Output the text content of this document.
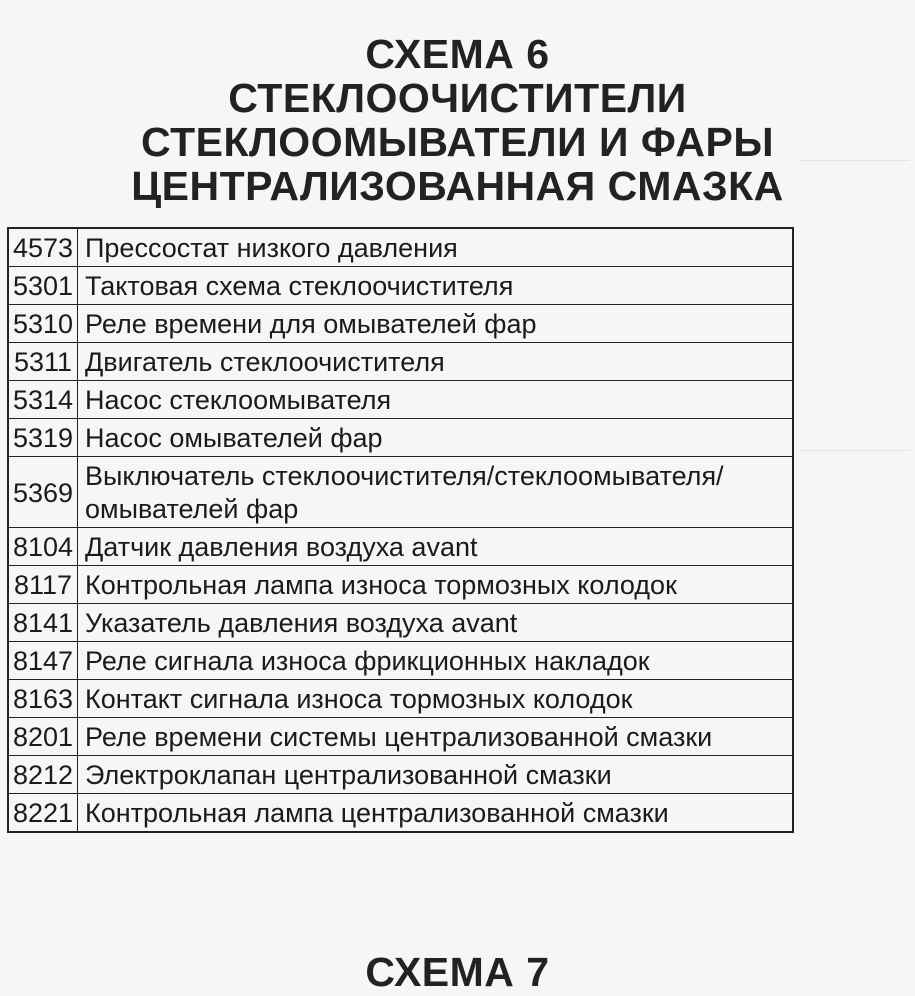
СХЕМА 6
СТЕКЛООЧИСТИТЕЛИ
СТЕКЛООМЫВАТЕЛИ И ФАРЫ
ЦЕНТРАЛИЗОВАННАЯ СМАЗКА
4573	Прессостат низкого давления
5301	Тактовая схема стеклоочистителя
5310	Реле времени для омывателей фар
5311	Двигатель стеклоочистителя
5314	Насос стеклоомывателя
5319	Насос омывателей фар
5369	Выключатель стеклоочистителя/стеклоомывателя/омывателей фар
8104	Датчик давления воздуха avant
8117	Контрольная лампа износа тормозных колодок
8141	Указатель давления воздуха avant
8147	Реле сигнала износа фрикционных накладок
8163	Контакт сигнала износа тормозных колодок
8201	Реле времени системы централизованной смазки
8212	Электроклапан централизованной смазки
8221	Контрольная лампа централизованной смазки
СХЕМА 7
